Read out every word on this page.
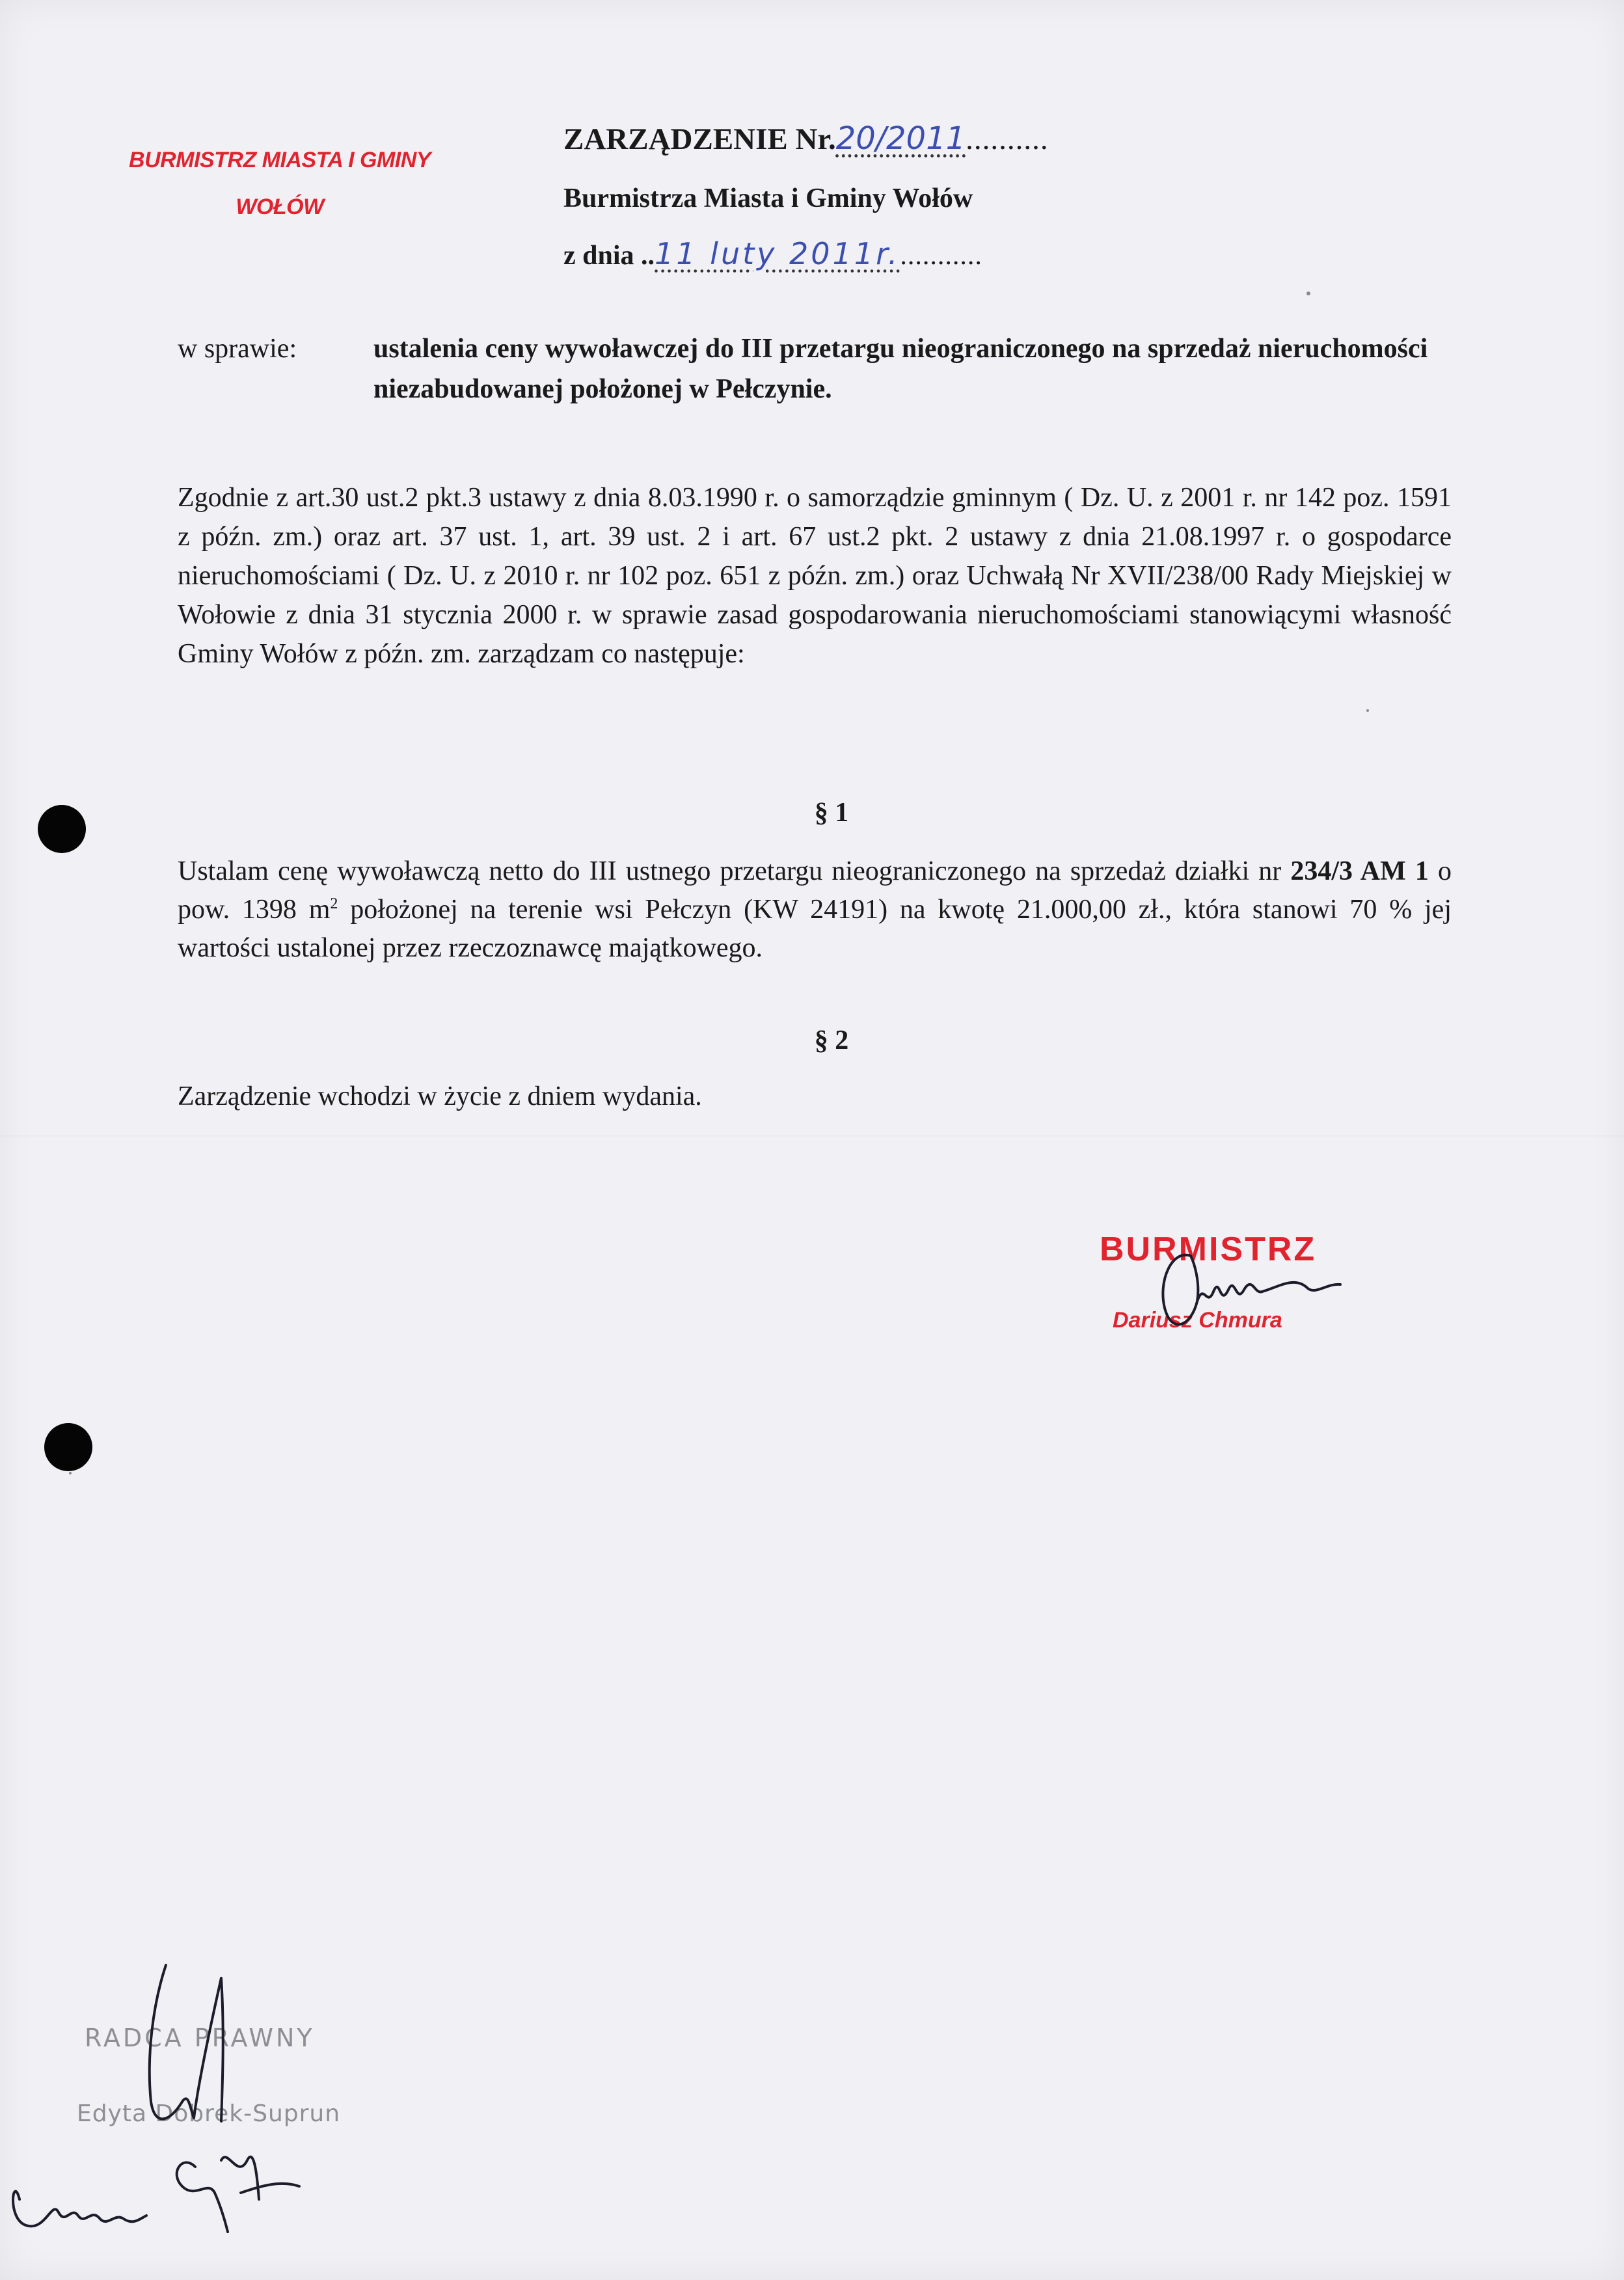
BURMISTRZ MIASTA I GMINY
WOŁÓW
ZARZĄDZENIE Nr.20/2011..........
Burmistrza Miasta i Gminy Wołów
z dnia ..11 luty 2011r............
w sprawie:	ustalenia ceny wywoławczej do III przetargu nieograniczonego na sprzedaż nieruchomości niezabudowanej położonej w Pełczynie.

Zgodnie z art.30 ust.2 pkt.3 ustawy z dnia 8.03.1990 r. o samorządzie gminnym ( Dz. U. z 2001 r. nr 142 poz. 1591 z późn. zm.) oraz art. 37 ust. 1, art. 39 ust. 2 i art. 67 ust.2 pkt. 2 ustawy z dnia 21.08.1997 r. o gospodarce nieruchomościami ( Dz. U. z 2010 r. nr 102 poz. 651 z późn. zm.) oraz Uchwałą Nr XVII/238/00 Rady Miejskiej w Wołowie z dnia 31 stycznia 2000 r. w sprawie zasad gospodarowania nieruchomościami stanowiącymi własność Gminy Wołów z późn. zm. zarządzam co następuje:

§ 1

Ustalam cenę wywoławczą netto do III ustnego przetargu nieograniczonego na sprzedaż działki nr 234/3 AM 1 o pow. 1398 $m^2$ położonej na terenie wsi Pełczyn (KW 24191) na kwotę 21.000,00 zł., która stanowi 70 % jej wartości ustalonej przez rzeczoznawcę majątkowego.

§ 2

Zarządzenie wchodzi w życie z dniem wydania.

BURMISTRZ
Dariusz Chmura
RADCA PRAWNY
Edyta Dobrek-Suprun
